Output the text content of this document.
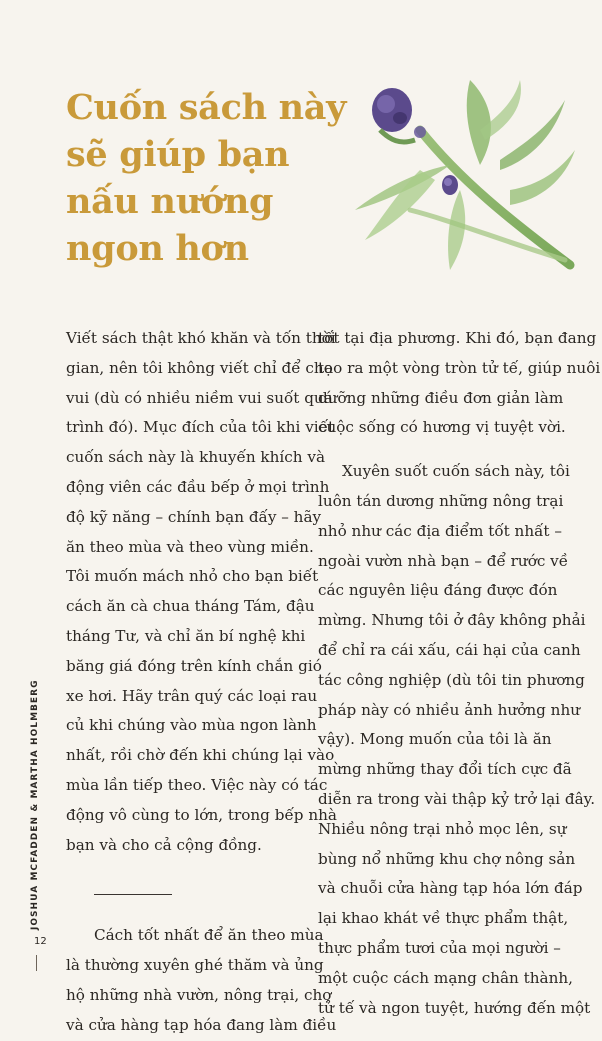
Cuốn sách này
sẽ giúp bạn
nấu nướng
ngon hơn
Viết sách thật khó khăn và tốn thời
gian, nên tôi không viết chỉ để cho
vui (dù có nhiều niềm vui suốt quá
trình đó). Mục đích của tôi khi viết
cuốn sách này là khuyến khích và
động viên các đầu bếp ở mọi trình
độ kỹ năng – chính bạn đấy – hãy
ăn theo mùa và theo vùng miền.
Tôi muốn mách nhỏ cho bạn biết
cách ăn cà chua tháng Tám, đậu
tháng Tư, và chỉ ăn bí nghệ khi
băng giá đóng trên kính chắn gió
xe hơi. Hãy trân quý các loại rau
củ khi chúng vào mùa ngon lành
nhất, rồi chờ đến khi chúng lại vào
mùa lần tiếp theo. Việc này có tác
động vô cùng to lớn, trong bếp nhà
bạn và cho cả cộng đồng.
Cách tốt nhất để ăn theo mùa
là thường xuyên ghé thăm và ủng
hộ những nhà vườn, nông trại, chợ
và cửa hàng tạp hóa đang làm điều
tốt tại địa phương. Khi đó, bạn đang
tạo ra một vòng tròn tử tế, giúp nuôi
dưỡng những điều đơn giản làm
cuộc sống có hương vị tuyệt vời.
Xuyên suốt cuốn sách này, tôi
luôn tán dương những nông trại
nhỏ như các địa điểm tốt nhất –
ngoài vườn nhà bạn – để rước về
các nguyên liệu đáng được đón
mừng. Nhưng tôi ở đây không phải
để chỉ ra cái xấu, cái hại của canh
tác công nghiệp (dù tôi tin phương
pháp này có nhiều ảnh hưởng như
vậy). Mong muốn của tôi là ăn
mừng những thay đổi tích cực đã
diễn ra trong vài thập kỷ trở lại đây.
Nhiều nông trại nhỏ mọc lên, sự
bùng nổ những khu chợ nông sản
và chuỗi cửa hàng tạp hóa lớn đáp
lại khao khát về thực phẩm thật,
thực phẩm tươi của mọi người –
một cuộc cách mạng chân thành,
tử tế và ngon tuyệt, hướng đến một
JOSHUA MCFADDEN & MARTHA HOLMBERG
12
